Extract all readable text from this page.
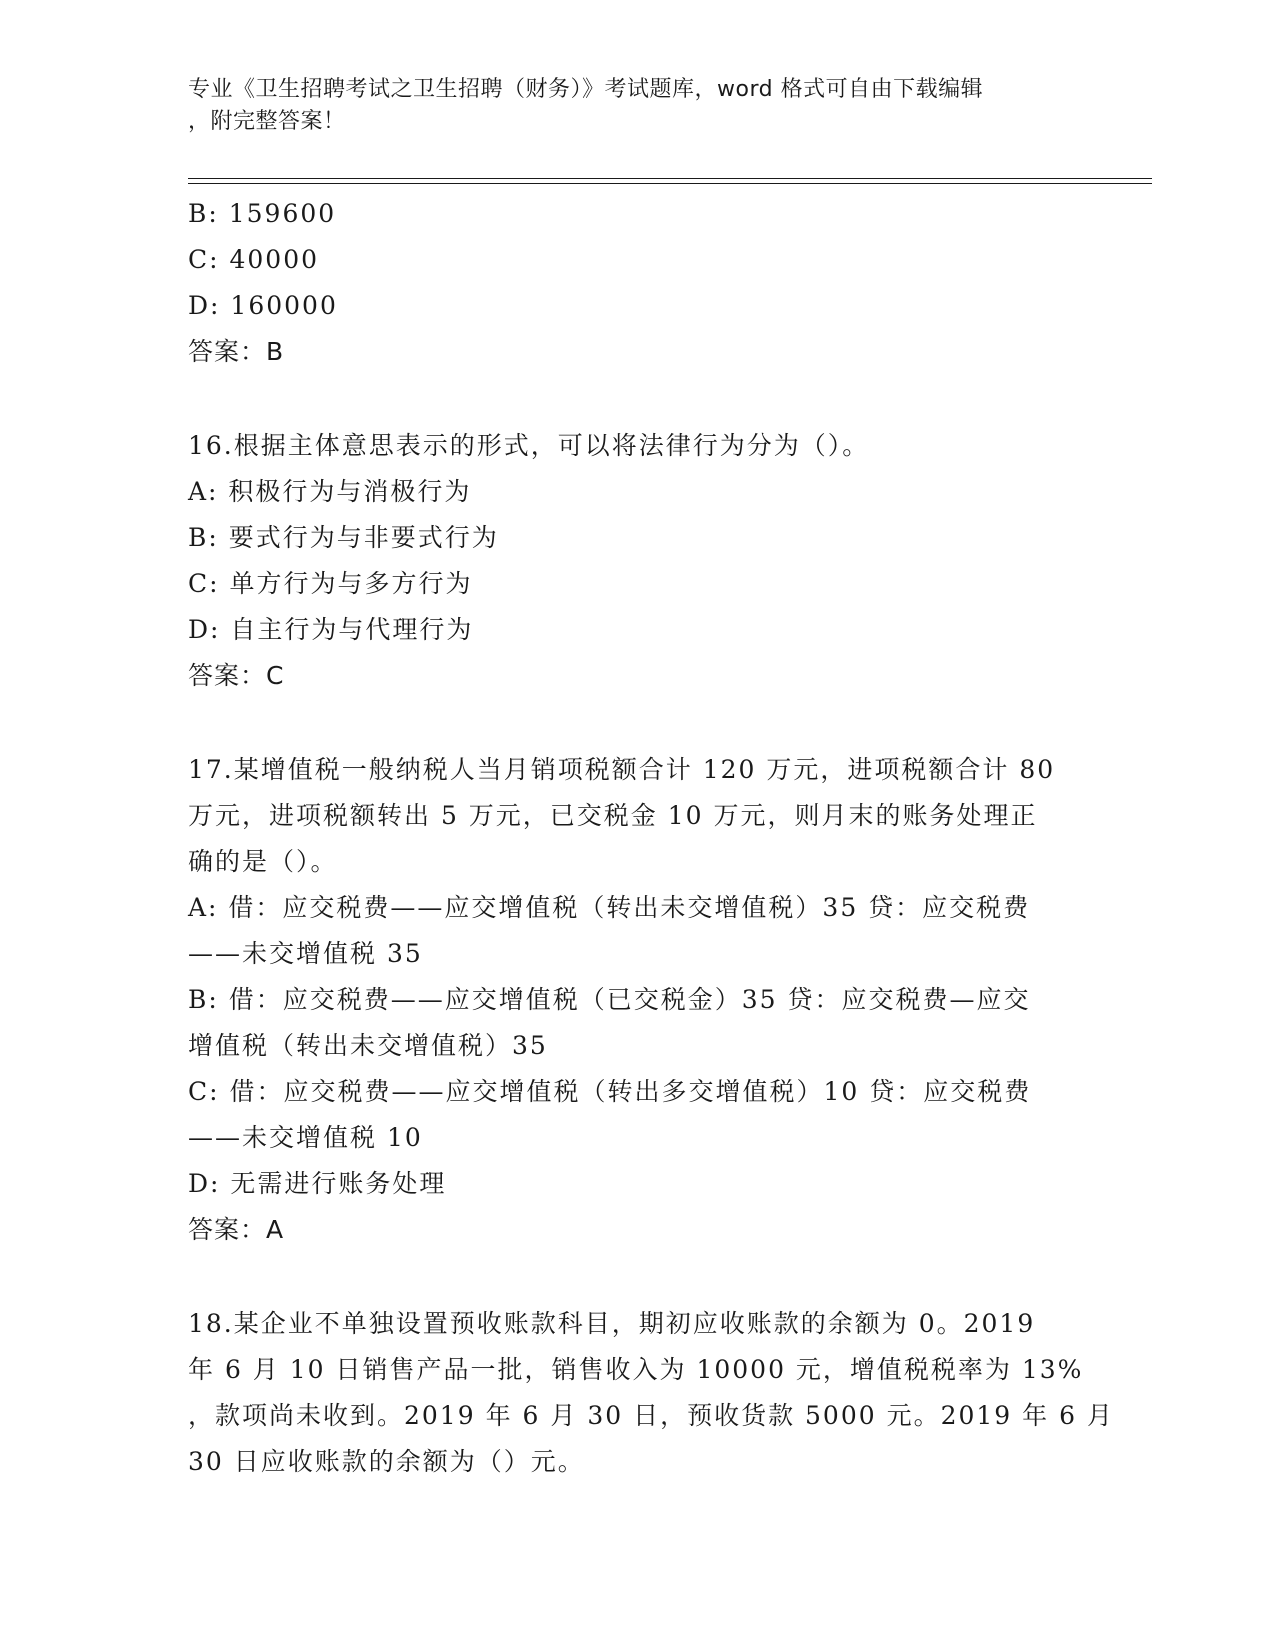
专业《卫生招聘考试之卫生招聘（财务）》考试题库，word 格式可自由下载编辑
，附完整答案！
B: 159600
C: 40000
D: 160000
答案：B
16.根据主体意思表示的形式，可以将法律行为分为（）。
A: 积极行为与消极行为
B: 要式行为与非要式行为
C: 单方行为与多方行为
D: 自主行为与代理行为
答案：C
17.某增值税一般纳税人当月销项税额合计 120 万元，进项税额合计 80
万元，进项税额转出 5 万元，已交税金 10 万元，则月末的账务处理正
确的是（）。
A: 借：应交税费——应交增值税（转出未交增值税）35 贷：应交税费
——未交增值税 35
B: 借：应交税费——应交增值税（已交税金）35 贷：应交税费—应交
增值税（转出未交增值税）35
C: 借：应交税费——应交增值税（转出多交增值税）10 贷：应交税费
——未交增值税 10
D: 无需进行账务处理
答案：A
18.某企业不单独设置预收账款科目，期初应收账款的余额为 0。2019
年 6 月 10 日销售产品一批，销售收入为 10000 元，增值税税率为 13%
，款项尚未收到。2019 年 6 月 30 日，预收货款 5000 元。2019 年 6 月
30 日应收账款的余额为（）元。
